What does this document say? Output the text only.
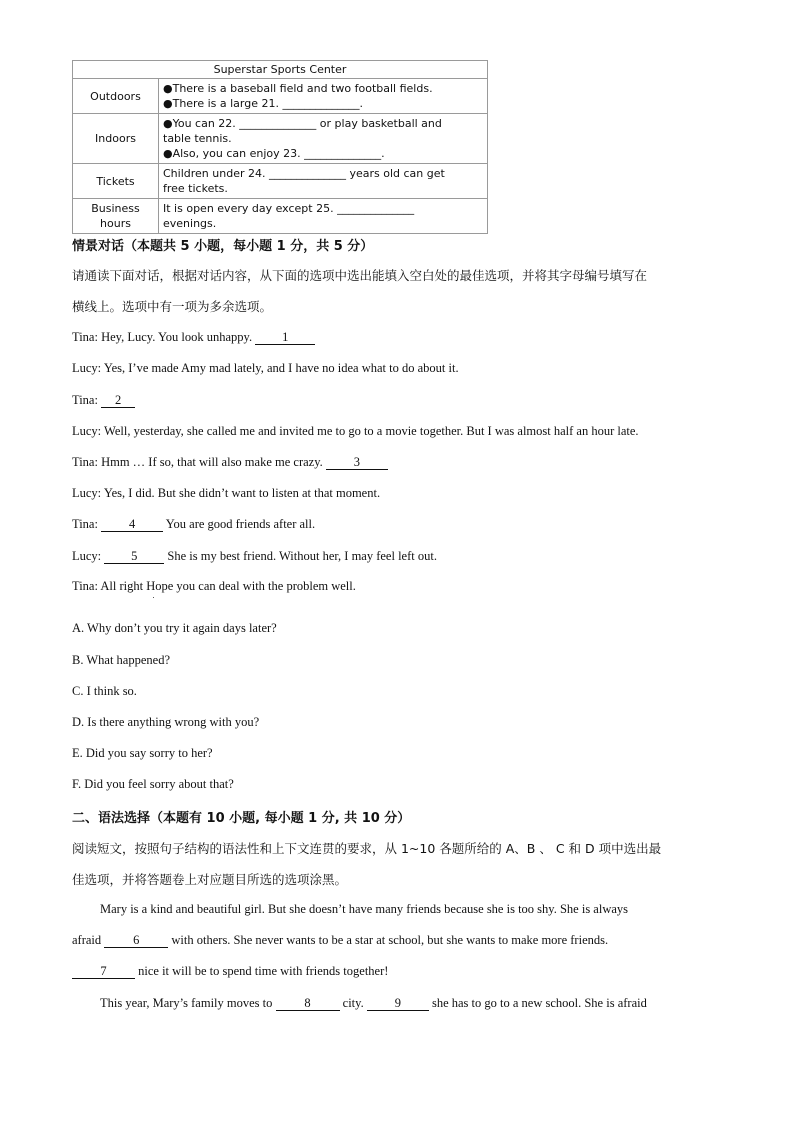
Superstar Sports Center	
Outdoors	●There is a baseball field and two football fields.
●There is a large 21. ______________.

Indoors	●You can 22. ______________ or play basketball and
table tennis.
●Also, you can enjoy 23. ______________.

Tickets	Children under 24. ______________ years old can get
free tickets.

Business
hours	It is open every day except 25. ______________
evenings.
情景对话（本题共 5 小题，每小题 1 分，共 5 分）
请通读下面对话，根据对话内容，从下面的选项中选出能填入空白处的最佳选项，并将其字母编号填写在
横线上。选项中有一项为多余选项。
Tina: Hey, Lucy. You look unhappy. 1
Lucy: Yes, I’ve made Amy mad lately, and I have no idea what to do about it.
Tina: 2
Lucy: Well, yesterday, she called me and invited me to go to a movie together. But I was almost half an hour late.
Tina: Hmm … If so, that will also make me crazy. 3
Lucy: Yes, I did. But she didn’t want to listen at that moment.
Tina: 4 You are good friends after all.
Lucy: 5 She is my best friend. Without her, I may feel left out.
Tina: All right Hope you can deal with the problem well.
A. Why don’t you try it again days later?
B. What happened?
C. I think so.
D. Is there anything wrong with you?
E. Did you say sorry to her?
F. Did you feel sorry about that?
二、语法选择（本题有 10 小题, 每小题 1 分, 共 10 分）
阅读短文，按照句子结构的语法性和上下文连贯的要求，从 1~10 各题所给的 A、B 、 C 和 D 项中选出最
佳选项，并将答题卷上对应题目所选的选项涂黑。
Mary is a kind and beautiful girl. But she doesn’t have many friends because she is too shy. She is always
afraid 6 with others. She never wants to be a star at school, but she wants to make more friends.
7 nice it will be to spend time with friends together!
This year, Mary’s family moves to 8 city. 9 she has to go to a new school. She is afraid
